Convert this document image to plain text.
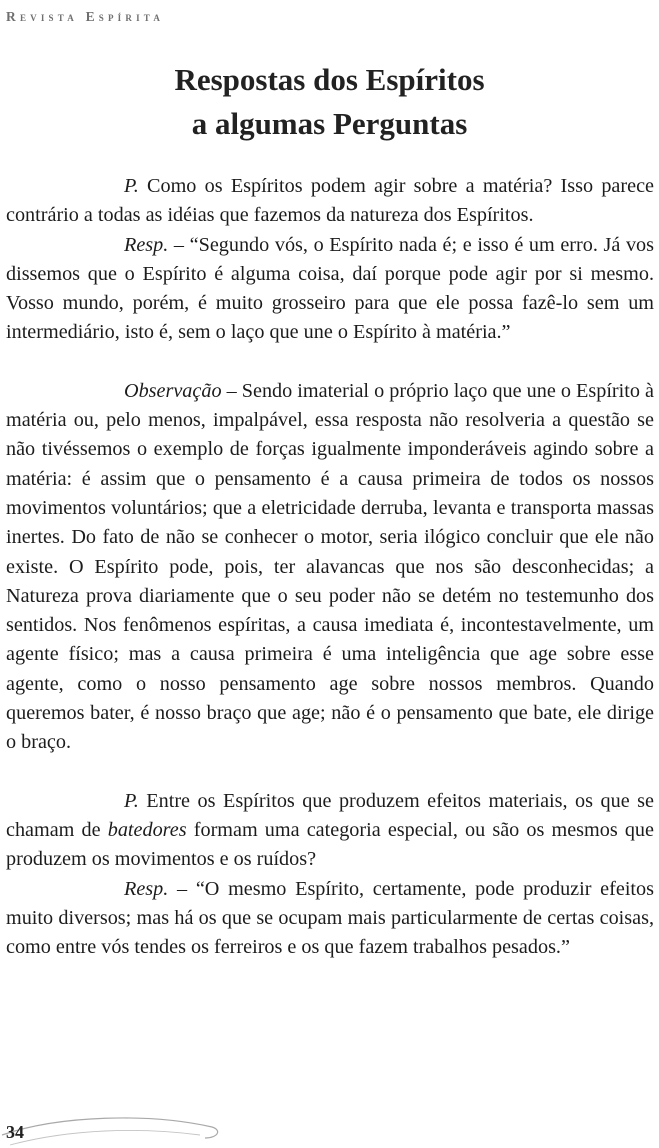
Revista Espírita
Respostas dos Espíritos
a algumas Perguntas

P. Como os Espíritos podem agir sobre a matéria? Isso parece contrário a todas as idéias que fazemos da natureza dos Espíritos.

Resp. – “Segundo vós, o Espírito nada é; e isso é um erro. Já vos dissemos que o Espírito é alguma coisa, daí porque pode agir por si mesmo. Vosso mundo, porém, é muito grosseiro para que ele possa fazê-lo sem um intermediário, isto é, sem o laço que une o Espírito à matéria.”

Observação – Sendo imaterial o próprio laço que une o Espírito à matéria ou, pelo menos, impalpável, essa resposta não resolveria a questão se não tivéssemos o exemplo de forças igualmente imponderáveis agindo sobre a matéria: é assim que o pensamento é a causa primeira de todos os nossos movimentos voluntários; que a eletricidade derruba, levanta e transporta massas inertes. Do fato de não se conhecer o motor, seria ilógico concluir que ele não existe. O Espírito pode, pois, ter alavancas que nos são desconhecidas; a Natureza prova diariamente que o seu poder não se detém no testemunho dos sentidos. Nos fenômenos espíritas, a causa imediata é, incontestavelmente, um agente físico; mas a causa primeira é uma inteligência que age sobre esse agente, como o nosso pensamento age sobre nossos membros. Quando queremos bater, é nosso braço que age; não é o pensamento que bate, ele dirige o braço.

P. Entre os Espíritos que produzem efeitos materiais, os que se chamam de batedores formam uma categoria especial, ou são os mesmos que produzem os movimentos e os ruídos?

Resp. – “O mesmo Espírito, certamente, pode produzir efeitos muito diversos; mas há os que se ocupam mais particularmente de certas coisas, como entre vós tendes os ferreiros e os que fazem trabalhos pesados.”

34
